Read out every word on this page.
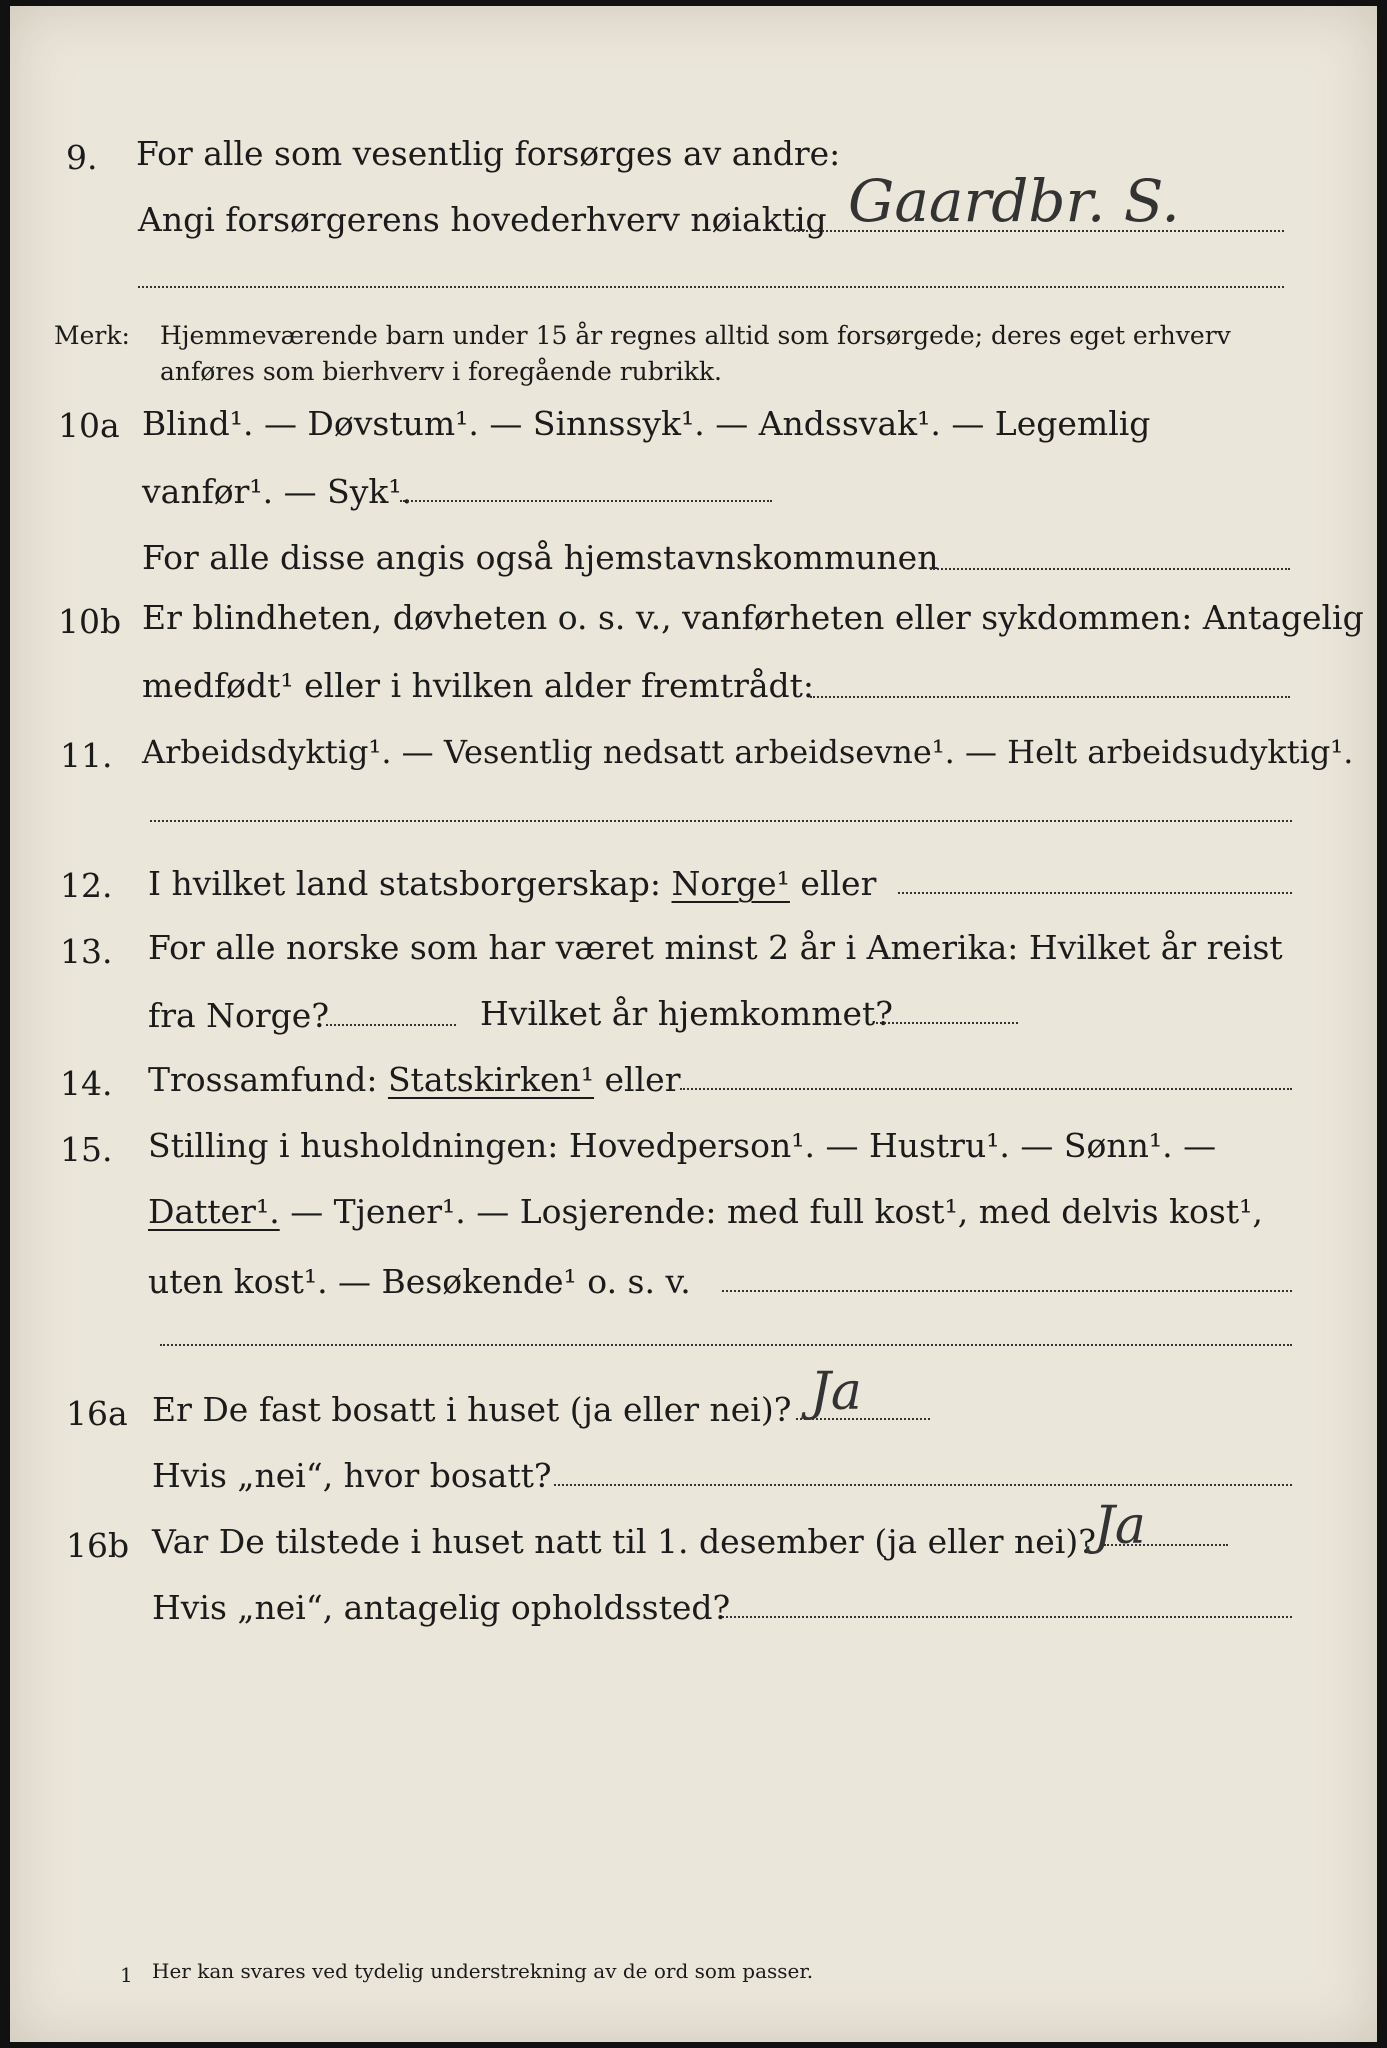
9. For alle som vesentlig forsørges av andre:
Angi forsørgerens hovederhverv nøiaktig Gaardbr. S.
Merk: Hjemmeværende barn under 15 år regnes alltid som forsørgede; deres eget erhverv
anføres som bierhverv i foregående rubrikk.
10a Blind¹. — Døvstum¹. — Sinnssyk¹. — Andssvak¹. — Legemlig
vanfør¹. — Syk¹.
For alle disse angis også hjemstavnskommunen
10b Er blindheten, døvheten o. s. v., vanførheten eller sykdommen: Antagelig
medfødt¹ eller i hvilken alder fremtrådt:
11. Arbeidsdyktig¹. — Vesentlig nedsatt arbeidsevne¹. — Helt arbeidsudyktig¹.
12. I hvilket land statsborgerskap: Norge¹ eller
13. For alle norske som har været minst 2 år i Amerika: Hvilket år reist
fra Norge?	Hvilket år hjemkommet?
14. Trossamfund: Statskirken¹ eller
15. Stilling i husholdningen: Hovedperson¹. — Hustru¹. — Sønn¹. —
Datter¹. — Tjener¹. — Losjerende: med full kost¹, med delvis kost¹,
uten kost¹. — Besøkende¹ o. s. v.
16a Er De fast bosatt i huset (ja eller nei)? Ja
Hvis „nei“, hvor bosatt?
16b Var De tilstede i huset natt til 1. desember (ja eller nei)?
Ja
Hvis „nei“, antagelig opholdssted?
1 Her kan svares ved tydelig understrekning av de ord som passer.
